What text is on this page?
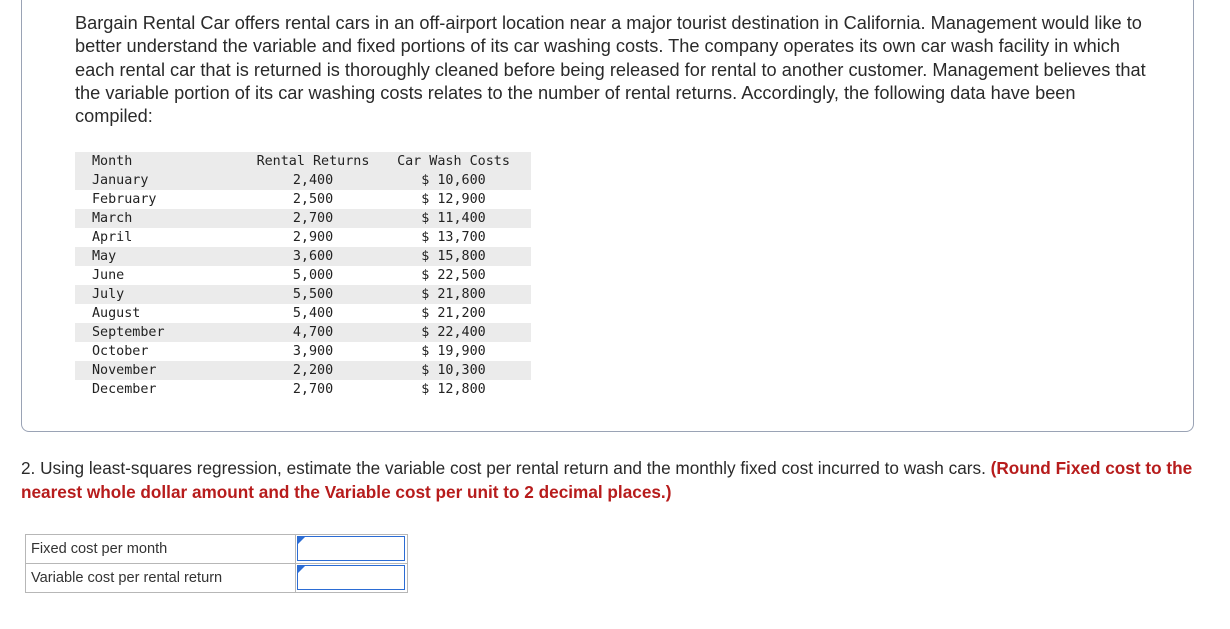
Bargain Rental Car offers rental cars in an off-airport location near a major tourist destination in California. Management would like to better understand the variable and fixed portions of its car washing costs. The company operates its own car wash facility in which each rental car that is returned is thoroughly cleaned before being released for rental to another customer. Management believes that the variable portion of its car washing costs relates to the number of rental returns. Accordingly, the following data have been compiled:

Month	Rental Returns	Car Wash Costs
January	2,400	$ 10,600
February	2,500	$ 12,900
March	2,700	$ 11,400
April	2,900	$ 13,700
May	3,600	$ 15,800
June	5,000	$ 22,500
July	5,500	$ 21,800
August	5,400	$ 21,200
September	4,700	$ 22,400
October	3,900	$ 19,900
November	2,200	$ 10,300
December	2,700	$ 12,800

2. Using least-squares regression, estimate the variable cost per rental return and the monthly fixed cost incurred to wash cars. (Round Fixed cost to the nearest whole dollar amount and the Variable cost per unit to 2 decimal places.)

Fixed cost per month	

Variable cost per rental return	
